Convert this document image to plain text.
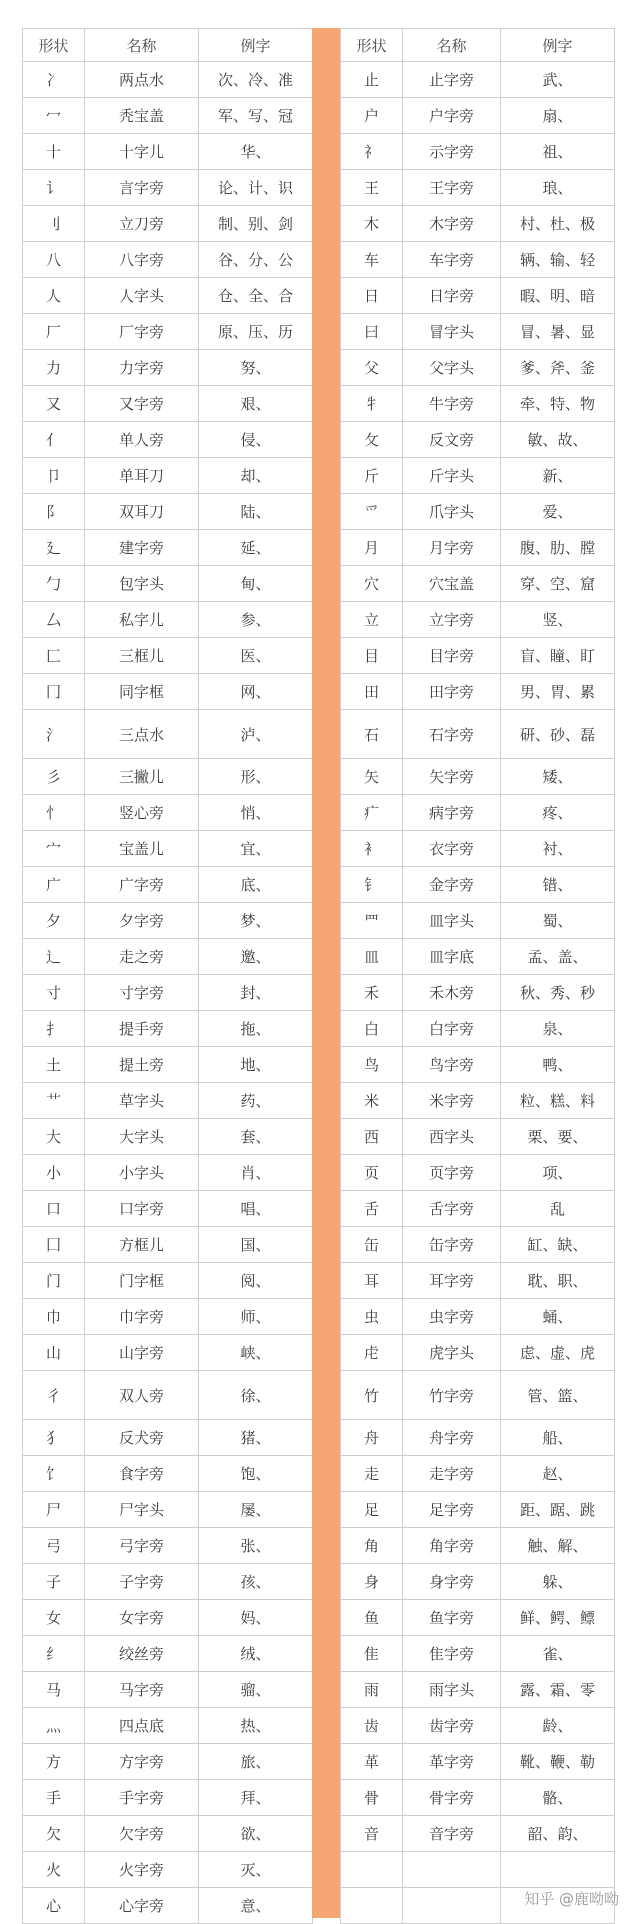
形状	名称	例字
冫	两点水	次、冷、准
冖	秃宝盖	军、写、冠
十	十字儿	华、
讠	言字旁	论、计、识
刂	立刀旁	制、别、剑
八	八字旁	谷、分、公
人	人字头	仓、全、合
厂	厂字旁	原、压、历
力	力字旁	努、
又	又字旁	艰、
亻	单人旁	侵、
卩	单耳刀	却、
阝	双耳刀	陆、
廴	建字旁	延、
勹	包字头	甸、
厶	私字儿	参、
匚	三框儿	医、
冂	同字框	网、
氵	三点水	泸、
彡	三撇儿	形、
忄	竖心旁	悄、
宀	宝盖儿	宜、
广	广字旁	底、
夕	夕字旁	梦、
辶	走之旁	邀、
寸	寸字旁	封、
扌	提手旁	拖、
土	提土旁	地、
艹	草字头	药、
大	大字头	套、
小	小字头	肖、
口	口字旁	唱、
囗	方框儿	国、
门	门字框	阅、
巾	巾字旁	师、
山	山字旁	峡、
彳	双人旁	徐、
犭	反犬旁	猪、
饣	食字旁	饱、
尸	尸字头	屡、
弓	弓字旁	张、
子	子字旁	孩、
女	女字旁	妈、
纟	绞丝旁	绒、
马	马字旁	骝、
灬	四点底	热、
方	方字旁	旅、
手	手字旁	拜、
欠	欠字旁	欲、
火	火字旁	灭、
心	心字旁	意、
形状	名称	例字
止	止字旁	武、
户	户字旁	扇、
礻	示字旁	祖、
王	王字旁	琅、
木	木字旁	村、杜、极
车	车字旁	辆、输、轻
日	日字旁	暇、明、暗
曰	冒字头	冒、暑、显
父	父字头	爹、斧、釜
牜	牛字旁	牵、特、物
攵	反文旁	敏、故、
斤	斤字头	新、
爫	爪字头	爱、
月	月字旁	腹、肋、膛
穴	穴宝盖	穿、空、窟
立	立字旁	竖、
目	目字旁	盲、瞳、盯
田	田字旁	男、胃、累
石	石字旁	研、砂、磊
矢	矢字旁	矮、
疒	病字旁	疼、
衤	衣字旁	衬、
钅	金字旁	错、
罒	皿字头	蜀、
皿	皿字底	孟、盖、
禾	禾木旁	秋、秀、秒
白	白字旁	泉、
鸟	鸟字旁	鸭、
米	米字旁	粒、糕、料
西	西字头	栗、要、
页	页字旁	项、
舌	舌字旁	乱
缶	缶字旁	缸、缺、
耳	耳字旁	耽、职、
虫	虫字旁	蛹、
虍	虎字头	虑、虚、虎
竹	竹字旁	管、篮、
舟	舟字旁	船、
走	走字旁	赵、
足	足字旁	距、踞、跳
角	角字旁	触、解、
身	身字旁	躲、
鱼	鱼字旁	鲜、鳄、鳔
隹	隹字旁	雀、
雨	雨字头	露、霜、零
齿	齿字旁	龄、
革	革字旁	靴、鞭、勒
骨	骨字旁	骼、
音	音字旁	韶、韵、

知乎 @鹿呦呦
